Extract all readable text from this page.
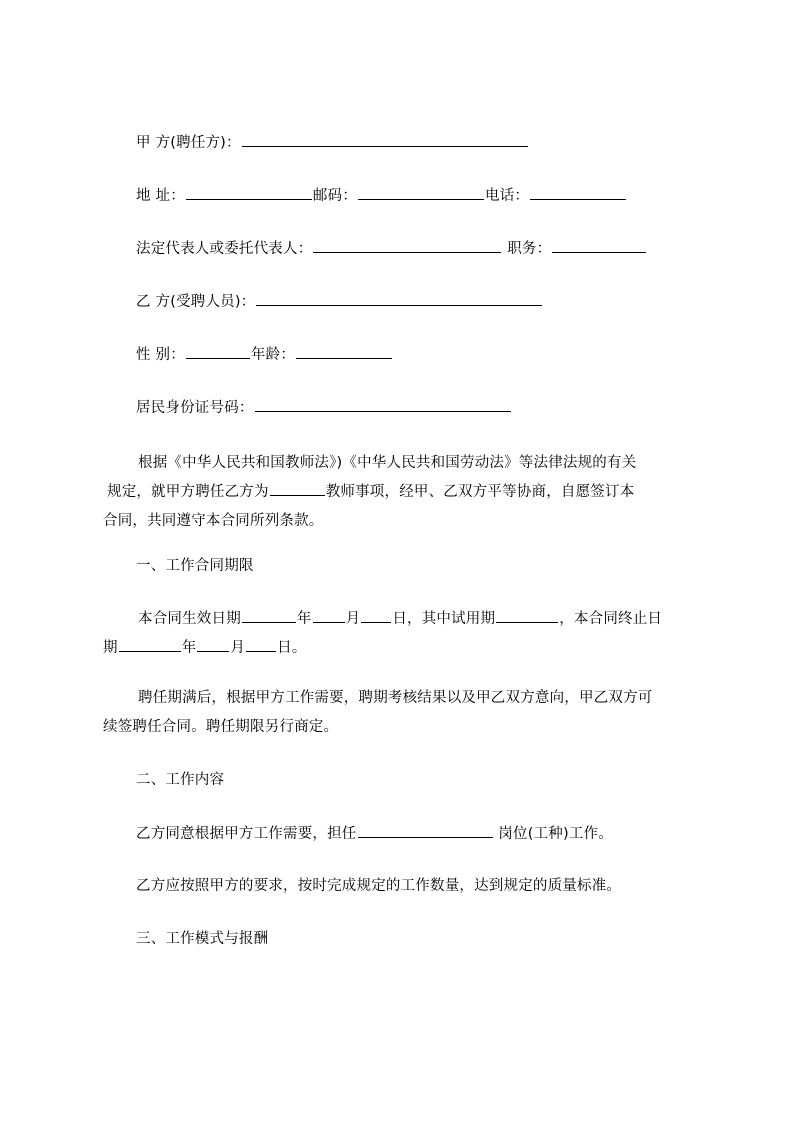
甲 方(聘任方)：
地 址：	邮码：	电话：
法定代表人或委托代表人：	职务：
乙 方(受聘人员)：
性 别：	年龄：
居民身份证号码：
根据《中华人民共和国教师法》)《中华人民共和国劳动法》等法律法规的有关
规定，就甲方聘任乙方为	教师事项，经甲、乙双方平等协商，自愿签订本
合同，共同遵守本合同所列条款。
一、工作合同期限
本合同生效日期	年 月 日，其中试用期	，本合同终止日
期	年 月 日。
聘任期满后，根据甲方工作需要，聘期考核结果以及甲乙双方意向，甲乙双方可
续签聘任合同。聘任期限另行商定。
二、工作内容
乙方同意根据甲方工作需要，担任	岗位(工种)工作。
乙方应按照甲方的要求，按时完成规定的工作数量，达到规定的质量标准。
三、工作模式与报酬
